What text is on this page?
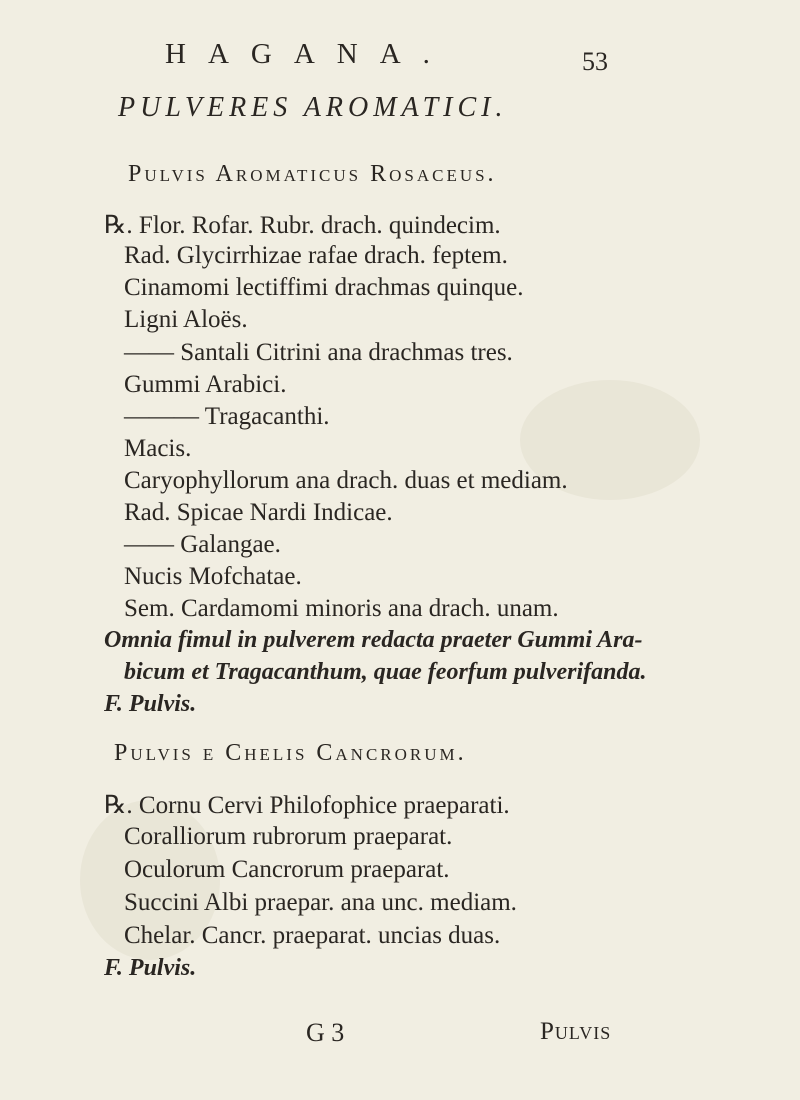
HAGANA.	53
PULVERES AROMATICI.
Pulvis Aromaticus Rosaceus.
℞. Flor. Rofar. Rubr. drach. quindecim.
Rad. Glycirrhizae rafae drach. feptem.
Cinamomi lectiffimi drachmas quinque.
Ligni Aloës.
—— Santali Citrini ana drachmas tres.
Gummi Arabici.
——— Tragacanthi.
Macis.
Caryophyllorum ana drach. duas et mediam.
Rad. Spicae Nardi Indicae.
—— Galangae.
Nucis Mofchatae.
Sem. Cardamomi minoris ana drach. unam.
Omnia fimul in pulverem redacta praeter Gummi Ara-
bicum et Tragacanthum, quae feorfum pulverifanda.
F. Pulvis.
Pulvis e Chelis Cancrorum.
℞. Cornu Cervi Philofophice praeparati.
Coralliorum rubrorum praeparat.
Oculorum Cancrorum praeparat.
Succini Albi praepar. ana unc. mediam.
Chelar. Cancr. praeparat. uncias duas.
F. Pulvis.
G 3	Pulvis
